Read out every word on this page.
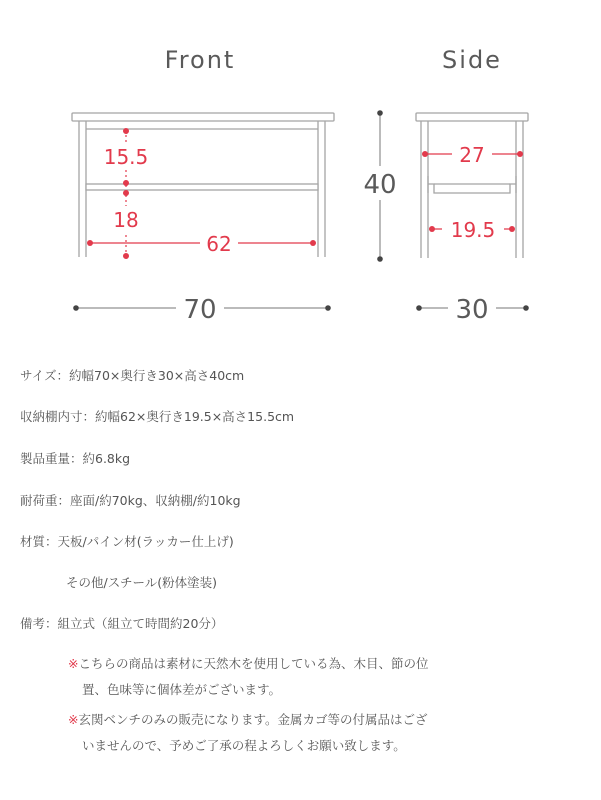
Front	Side
15.5
18
62
70
40
27
19.5
30
サイズ：約幅70×奥行き30×高さ40cm
収納棚内寸：約幅62×奥行き19.5×高さ15.5cm
製品重量：約6.8kg
耐荷重：座面/約70kg、収納棚/約10kg
材質：天板/パイン材(ラッカー仕上げ)
その他/スチール(粉体塗装)
備考：組立式（組立て時間約20分）
※こちらの商品は素材に天然木を使用している為、木目、節の位
置、色味等に個体差がございます。
※玄関ベンチのみの販売になります。金属カゴ等の付属品はござ
いませんので、予めご了承の程よろしくお願い致します。
